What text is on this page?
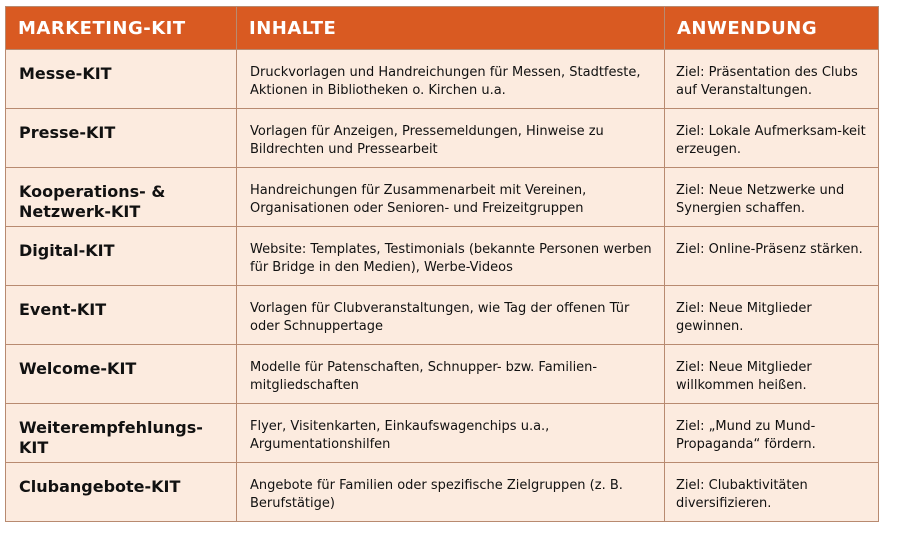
MARKETING-KIT	INHALTE	ANWENDUNG
Messe-KIT	Druckvorlagen und Handreichungen für Messen, Stadtfeste, Aktionen in Bibliotheken o. Kirchen u.a.	Ziel: Präsentation des Clubs auf Veranstaltungen.
Presse-KIT	Vorlagen für Anzeigen, Pressemeldungen, Hinweise zu Bildrechten und Pressearbeit	Ziel: Lokale Aufmerksam-keit erzeugen.
Kooperations- & Netzwerk-KIT	Handreichungen für Zusammenarbeit mit Vereinen, Organisationen oder Senioren- und Freizeitgruppen	Ziel: Neue Netzwerke und Synergien schaffen.
Digital-KIT	Website: Templates, Testimonials (bekannte Personen werben für Bridge in den Medien), Werbe-Videos	Ziel: Online-Präsenz stärken.
Event-KIT	Vorlagen für Clubveranstaltungen, wie Tag der offenen Tür oder Schnuppertage	Ziel: Neue Mitglieder gewinnen.
Welcome-KIT	Modelle für Patenschaften, Schnupper- bzw. Familien-mitgliedschaften	Ziel: Neue Mitglieder willkommen heißen.
Weiterempfehlungs-KIT	Flyer, Visitenkarten, Einkaufswagenchips u.a., Argumentationshilfen	Ziel: „Mund zu Mund-Propaganda“ fördern.
Clubangebote-KIT	Angebote für Familien oder spezifische Zielgruppen (z. B. Berufstätige)	Ziel: Clubaktivitäten diversifizieren.
